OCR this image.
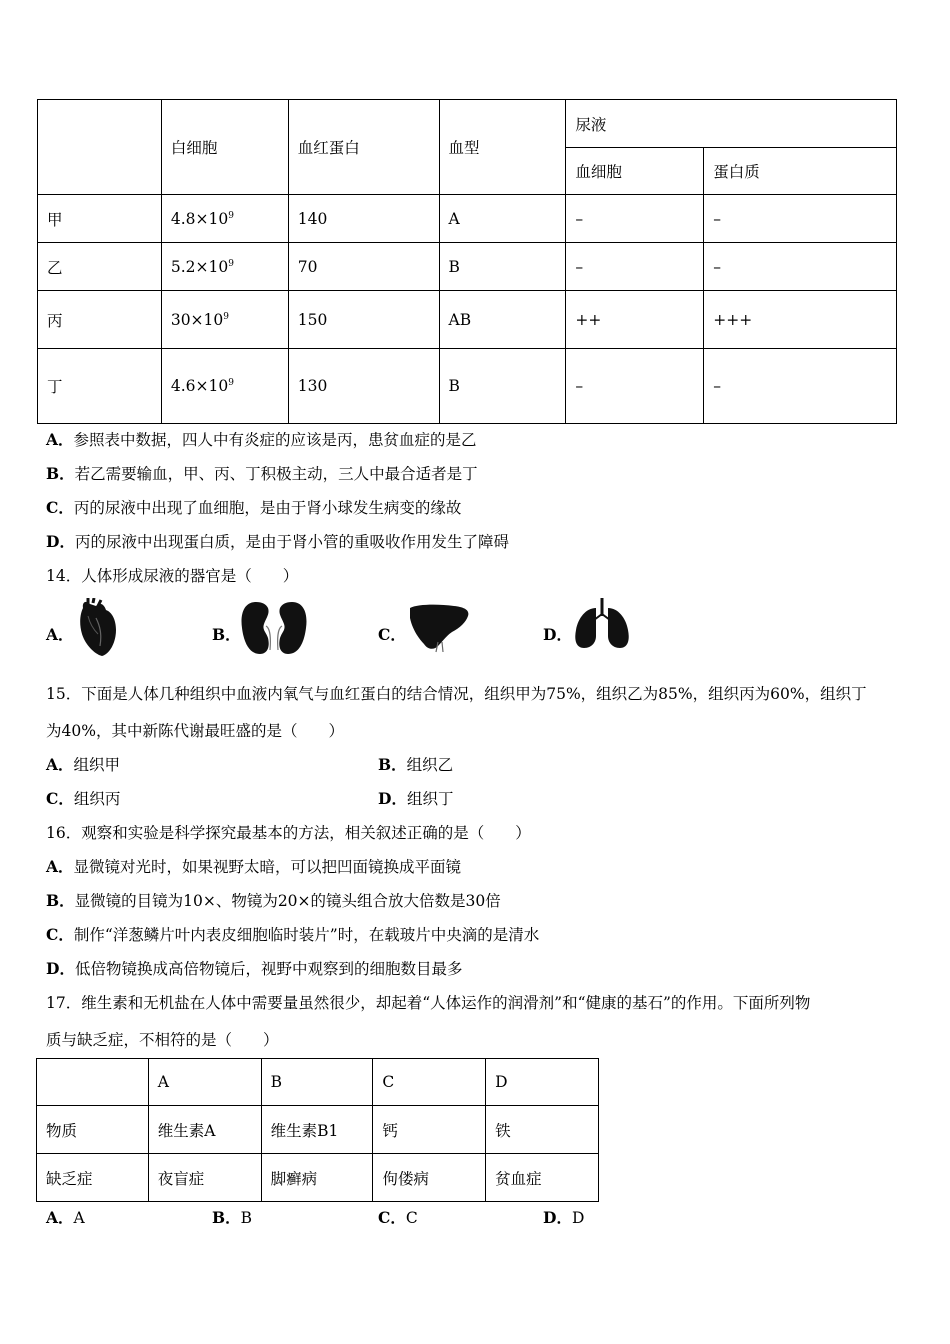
	白细胞	血红蛋白	血型	尿液	
				血细胞	蛋白质
甲	$4.8\times 10^9$	140	A	–	–
乙	$5.2\times 10^9$	70	B	–	–
丙	$30\times 10^9$	150	AB	++	+++
丁	$4.6\times 10^9$	130	B	–	–
A．参照表中数据，四人中有炎症的应该是丙，患贫血症的是乙
B．若乙需要输血，甲、丙、丁积极主动，三人中最合适者是丁
C．丙的尿液中出现了血细胞，是由于肾小球发生病变的缘故
D．丙的尿液中出现蛋白质，是由于肾小管的重吸收作用发生了障碍
14．人体形成尿液的器官是（　　）
A．	B．	C．	D．
15．下面是人体几种组织中血液内氧气与血红蛋白的结合情况，组织甲为75%，组织乙为85%，组织丙为60%，组织丁
为40%，其中新陈代谢最旺盛的是（　　）
A．组织甲	B．组织乙
C．组织丙	D．组织丁
16．观察和实验是科学探究最基本的方法，相关叙述正确的是（　　）
A．显微镜对光时，如果视野太暗，可以把凹面镜换成平面镜
B．显微镜的目镜为10×、物镜为20×的镜头组合放大倍数是30倍
C．制作“洋葱鳞片叶内表皮细胞临时装片”时，在载玻片中央滴的是清水
D．低倍物镜换成高倍物镜后，视野中观察到的细胞数目最多
17．维生素和无机盐在人体中需要量虽然很少，却起着“人体运作的润滑剂”和“健康的基石”的作用。下面所列物
质与缺乏症，不相符的是（　　）
	A	B	C	D
物质	维生素A	维生素B1	钙	铁
缺乏症	夜盲症	脚癣病	佝偻病	贫血症
A．A	B．B	C．C	D．D
